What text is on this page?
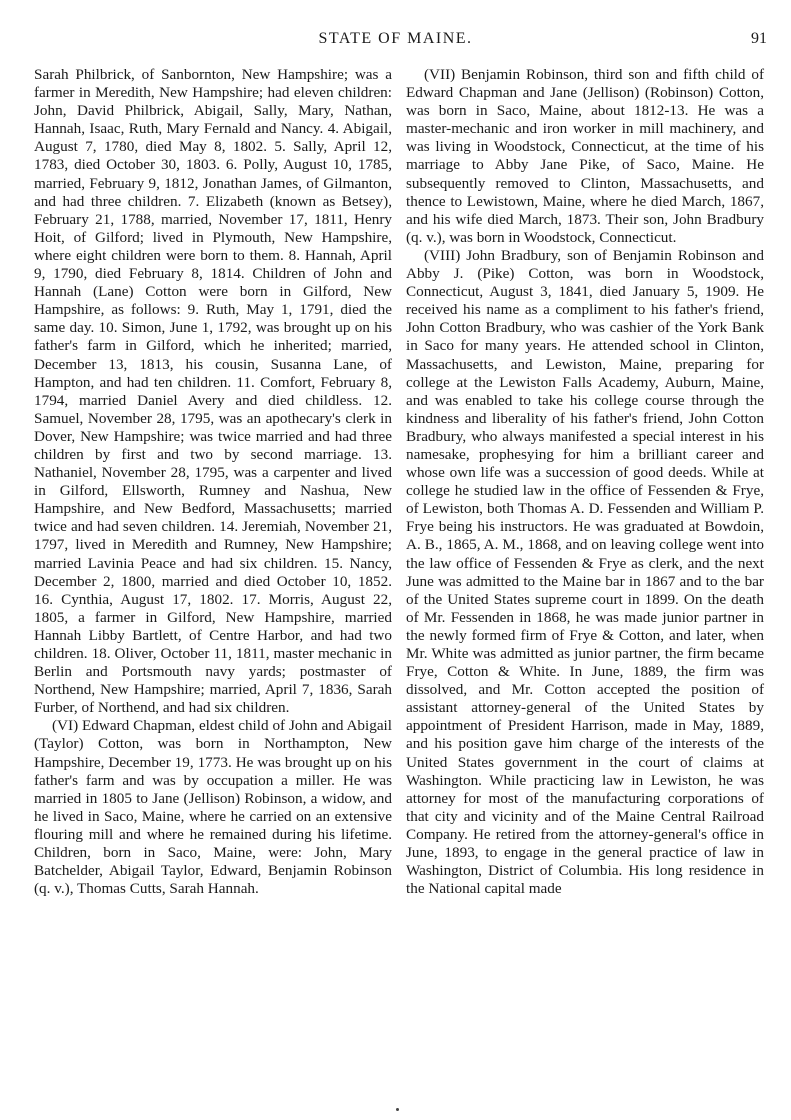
STATE OF MAINE.	91

Sarah Philbrick, of Sanbornton, New Hampshire; was a farmer in Meredith, New Hampshire; had eleven children: John, David Philbrick, Abigail, Sally, Mary, Nathan, Hannah, Isaac, Ruth, Mary Fernald and Nancy. 4. Abigail, August 7, 1780, died May 8, 1802. 5. Sally, April 12, 1783, died October 30, 1803. 6. Polly, August 10, 1785, married, February 9, 1812, Jonathan James, of Gilmanton, and had three children. 7. Elizabeth (known as Betsey), February 21, 1788, married, November 17, 1811, Henry Hoit, of Gilford; lived in Plymouth, New Hampshire, where eight children were born to them. 8. Hannah, April 9, 1790, died February 8, 1814. Children of John and Hannah (Lane) Cotton were born in Gilford, New Hampshire, as follows: 9. Ruth, May 1, 1791, died the same day. 10. Simon, June 1, 1792, was brought up on his father's farm in Gilford, which he inherited; married, December 13, 1813, his cousin, Susanna Lane, of Hampton, and had ten children. 11. Comfort, February 8, 1794, married Daniel Avery and died childless. 12. Samuel, November 28, 1795, was an apothecary's clerk in Dover, New Hampshire; was twice married and had three children by first and two by second marriage. 13. Nathaniel, November 28, 1795, was a carpenter and lived in Gilford, Ellsworth, Rumney and Nashua, New Hampshire, and New Bedford, Massachusetts; married twice and had seven children. 14. Jeremiah, November 21, 1797, lived in Meredith and Rumney, New Hampshire; married Lavinia Peace and had six children. 15. Nancy, December 2, 1800, married and died October 10, 1852. 16. Cynthia, August 17, 1802. 17. Morris, August 22, 1805, a farmer in Gilford, New Hampshire, married Hannah Libby Bartlett, of Centre Harbor, and had two children. 18. Oliver, October 11, 1811, master mechanic in Berlin and Portsmouth navy yards; postmaster of Northend, New Hampshire; married, April 7, 1836, Sarah Furber, of Northend, and had six children.

(VI) Edward Chapman, eldest child of John and Abigail (Taylor) Cotton, was born in Northampton, New Hampshire, December 19, 1773. He was brought up on his father's farm and was by occupation a miller. He was married in 1805 to Jane (Jellison) Robinson, a widow, and he lived in Saco, Maine, where he carried on an extensive flouring mill and where he remained during his lifetime. Children, born in Saco, Maine, were: John, Mary Batchelder, Abigail Taylor, Edward, Benjamin Robinson (q. v.), Thomas Cutts, Sarah Hannah.

(VII) Benjamin Robinson, third son and fifth child of Edward Chapman and Jane (Jellison) (Robinson) Cotton, was born in Saco, Maine, about 1812-13. He was a master-mechanic and iron worker in mill machinery, and was living in Woodstock, Connecticut, at the time of his marriage to Abby Jane Pike, of Saco, Maine. He subsequently removed to Clinton, Massachusetts, and thence to Lewistown, Maine, where he died March, 1867, and his wife died March, 1873. Their son, John Bradbury (q. v.), was born in Woodstock, Connecticut.

(VIII) John Bradbury, son of Benjamin Robinson and Abby J. (Pike) Cotton, was born in Woodstock, Connecticut, August 3, 1841, died January 5, 1909. He received his name as a compliment to his father's friend, John Cotton Bradbury, who was cashier of the York Bank in Saco for many years. He attended school in Clinton, Massachusetts, and Lewiston, Maine, preparing for college at the Lewiston Falls Academy, Auburn, Maine, and was enabled to take his college course through the kindness and liberality of his father's friend, John Cotton Bradbury, who always manifested a special interest in his namesake, prophesying for him a brilliant career and whose own life was a succession of good deeds. While at college he studied law in the office of Fessenden & Frye, of Lewiston, both Thomas A. D. Fessenden and William P. Frye being his instructors. He was graduated at Bowdoin, A. B., 1865, A. M., 1868, and on leaving college went into the law office of Fessenden & Frye as clerk, and the next June was admitted to the Maine bar in 1867 and to the bar of the United States supreme court in 1899. On the death of Mr. Fessenden in 1868, he was made junior partner in the newly formed firm of Frye & Cotton, and later, when Mr. White was admitted as junior partner, the firm became Frye, Cotton & White. In June, 1889, the firm was dissolved, and Mr. Cotton accepted the position of assistant attorney-general of the United States by appointment of President Harrison, made in May, 1889, and his position gave him charge of the interests of the United States government in the court of claims at Washington. While practicing law in Lewiston, he was attorney for most of the manufacturing corporations of that city and vicinity and of the Maine Central Railroad Company. He retired from the attorney-general's office in June, 1893, to engage in the general practice of law in Washington, District of Columbia. His long residence in the National capital made
